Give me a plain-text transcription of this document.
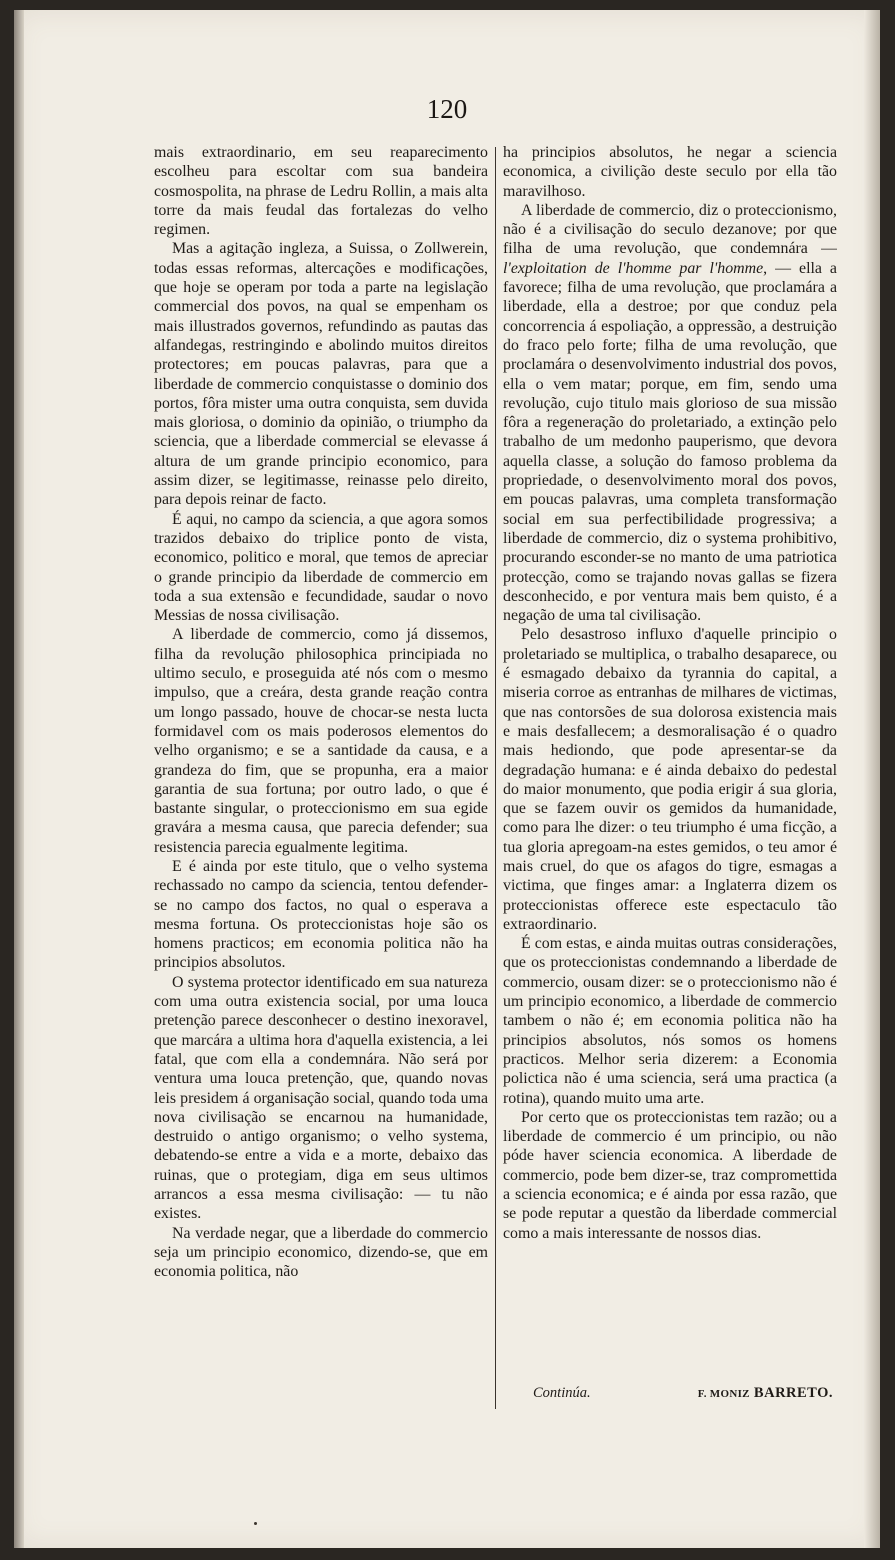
120

mais extraordinario, em seu reaparecimento escolheu para escoltar com sua bandeira cosmospolita, na phrase de Ledru Rollin, a mais alta torre da mais feudal das fortalezas do velho regimen.

Mas a agitação ingleza, a Suissa, o Zollwerein, todas essas reformas, altercações e modificações, que hoje se operam por toda a parte na legislação commercial dos povos, na qual se empenham os mais illustrados governos, refundindo as pautas das alfandegas, restringindo e abolindo muitos direitos protectores; em poucas palavras, para que a liberdade de commercio conquistasse o dominio dos portos, fôra mister uma outra conquista, sem duvida mais gloriosa, o dominio da opinião, o triumpho da sciencia, que a liberdade commercial se elevasse á altura de um grande principio economico, para assim dizer, se legitimasse, reinasse pelo direito, para depois reinar de facto.

É aqui, no campo da sciencia, a que agora somos trazidos debaixo do triplice ponto de vista, economico, politico e moral, que temos de apreciar o grande principio da liberdade de commercio em toda a sua extensão e fecundidade, saudar o novo Messias de nossa civilisação.

A liberdade de commercio, como já dissemos, filha da revolução philosophica principiada no ultimo seculo, e proseguida até nós com o mesmo impulso, que a creára, desta grande reação contra um longo passado, houve de chocar-se nesta lucta formidavel com os mais poderosos elementos do velho organismo; e se a santidade da causa, e a grandeza do fim, que se propunha, era a maior garantia de sua fortuna; por outro lado, o que é bastante singular, o proteccionismo em sua egide gravára a mesma causa, que parecia defender; sua resistencia parecia egualmente legitima.

E é ainda por este titulo, que o velho systema rechassado no campo da sciencia, tentou defender-se no campo dos factos, no qual o esperava a mesma fortuna. Os proteccionistas hoje são os homens practicos; em economia politica não ha principios absolutos.

O systema protector identificado em sua natureza com uma outra existencia social, por uma louca pretenção parece desconhecer o destino inexoravel, que marcára a ultima hora d'aquella existencia, a lei fatal, que com ella a condemnára. Não será por ventura uma louca pretenção, que, quando novas leis presidem á organisação social, quando toda uma nova civilisação se encarnou na humanidade, destruido o antigo organismo; o velho systema, debatendo-se entre a vida e a morte, debaixo das ruinas, que o protegiam, diga em seus ultimos arrancos a essa mesma civilisação: — tu não existes.

Na verdade negar, que a liberdade do commercio seja um principio economico, dizendo-se, que em economia politica, não

ha principios absolutos, he negar a sciencia economica, a civilição deste seculo por ella tão maravilhoso.

A liberdade de commercio, diz o proteccionismo, não é a civilisação do seculo dezanove; por que filha de uma revolução, que condemnára — l'exploitation de l'homme par l'homme, — ella a favorece; filha de uma revolução, que proclamára a liberdade, ella a destroe; por que conduz pela concorrencia á espoliação, a oppressão, a destruição do fraco pelo forte; filha de uma revolução, que proclamára o desenvolvimento industrial dos povos, ella o vem matar; porque, em fim, sendo uma revolução, cujo titulo mais glorioso de sua missão fôra a regeneração do proletariado, a extinção pelo trabalho de um medonho pauperismo, que devora aquella classe, a solução do famoso problema da propriedade, o desenvolvimento moral dos povos, em poucas palavras, uma completa transformação social em sua perfectibilidade progressiva; a liberdade de commercio, diz o systema prohibitivo, procurando esconder-se no manto de uma patriotica protecção, como se trajando novas gallas se fizera desconhecido, e por ventura mais bem quisto, é a negação de uma tal civilisação.

Pelo desastroso influxo d'aquelle principio o proletariado se multiplica, o trabalho desaparece, ou é esmagado debaixo da tyrannia do capital, a miseria corroe as entranhas de milhares de victimas, que nas contorsões de sua dolorosa existencia mais e mais desfallecem; a desmoralisação é o quadro mais hediondo, que pode apresentar-se da degradação humana: e é ainda debaixo do pedestal do maior monumento, que podia erigir á sua gloria, que se fazem ouvir os gemidos da humanidade, como para lhe dizer: o teu triumpho é uma ficção, a tua gloria apregoam-na estes gemidos, o teu amor é mais cruel, do que os afagos do tigre, esmagas a victima, que finges amar: a Inglaterra dizem os proteccionistas offerece este espectaculo tão extraordinario.

É com estas, e ainda muitas outras considerações, que os proteccionistas condemnando a liberdade de commercio, ousam dizer: se o proteccionismo não é um principio economico, a liberdade de commercio tambem o não é; em economia politica não ha principios absolutos, nós somos os homens practicos. Melhor seria dizerem: a Economia polictica não é uma sciencia, será uma practica (a rotina), quando muito uma arte.

Por certo que os proteccionistas tem razão; ou a liberdade de commercio é um principio, ou não póde haver sciencia economica. A liberdade de commercio, pode bem dizer-se, traz compromettida a sciencia economica; e é ainda por essa razão, que se pode reputar a questão da liberdade commercial como a mais interessante de nossos dias.

Continúa.	F. MONIZ BARRETO.
